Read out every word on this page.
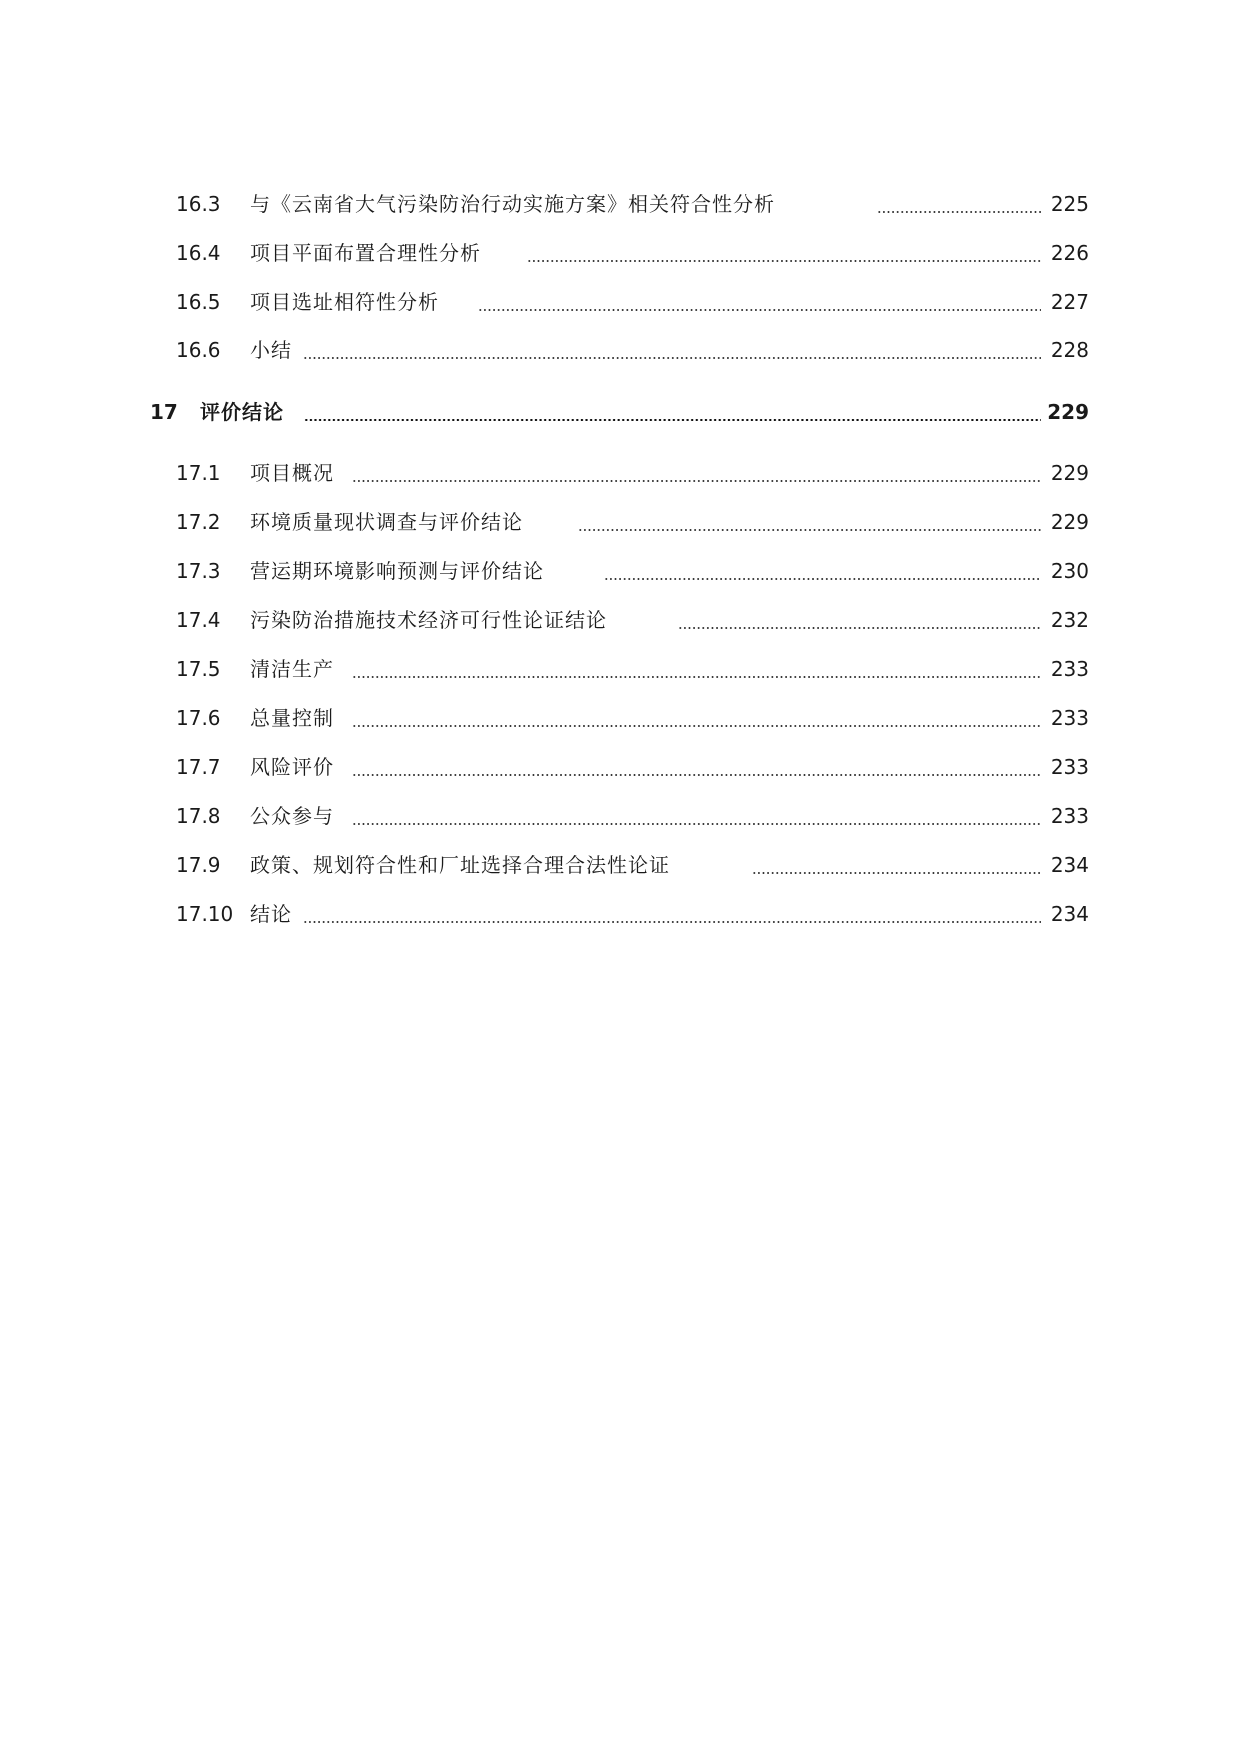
16.3 与《云南省大气污染防治行动实施方案》相关符合性分析	225
16.4 项目平面布置合理性分析	226
16.5 项目选址相符性分析	227
16.6 小结	228
17 评价结论	229
17.1 项目概况	229
17.2 环境质量现状调查与评价结论	229
17.3 营运期环境影响预测与评价结论	230
17.4 污染防治措施技术经济可行性论证结论	232
17.5 清洁生产	233
17.6 总量控制	233
17.7 风险评价	233
17.8 公众参与	233
17.9 政策、规划符合性和厂址选择合理合法性论证	234
17.10 结论	234
